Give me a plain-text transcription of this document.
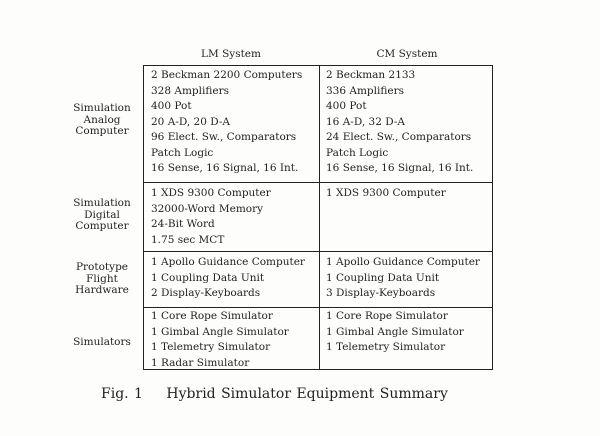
LM System	CM System
Simulation
Analog
Computer
Simulation
Digital
Computer
Prototype
Flight
Hardware
Simulators
2 Beckman 2200 Computers
328 Amplifiers
400 Pot
20 A-D, 20 D-A
96 Elect. Sw., Comparators
Patch Logic
16 Sense, 16 Signal, 16 Int.
2 Beckman 2133
336 Amplifiers
400 Pot
16 A-D, 32 D-A
24 Elect. Sw., Comparators
Patch Logic
16 Sense, 16 Signal, 16 Int.
1 XDS 9300 Computer
32000-Word Memory
24-Bit Word
1.75 sec MCT
1 XDS 9300 Computer
1 Apollo Guidance Computer
1 Coupling Data Unit
2 Display-Keyboards
1 Apollo Guidance Computer
1 Coupling Data Unit
3 Display-Keyboards
1 Core Rope Simulator
1 Gimbal Angle Simulator
1 Telemetry Simulator
1 Radar Simulator
1 Core Rope Simulator
1 Gimbal Angle Simulator
1 Telemetry Simulator
Fig. 1 Hybrid Simulator Equipment Summary
